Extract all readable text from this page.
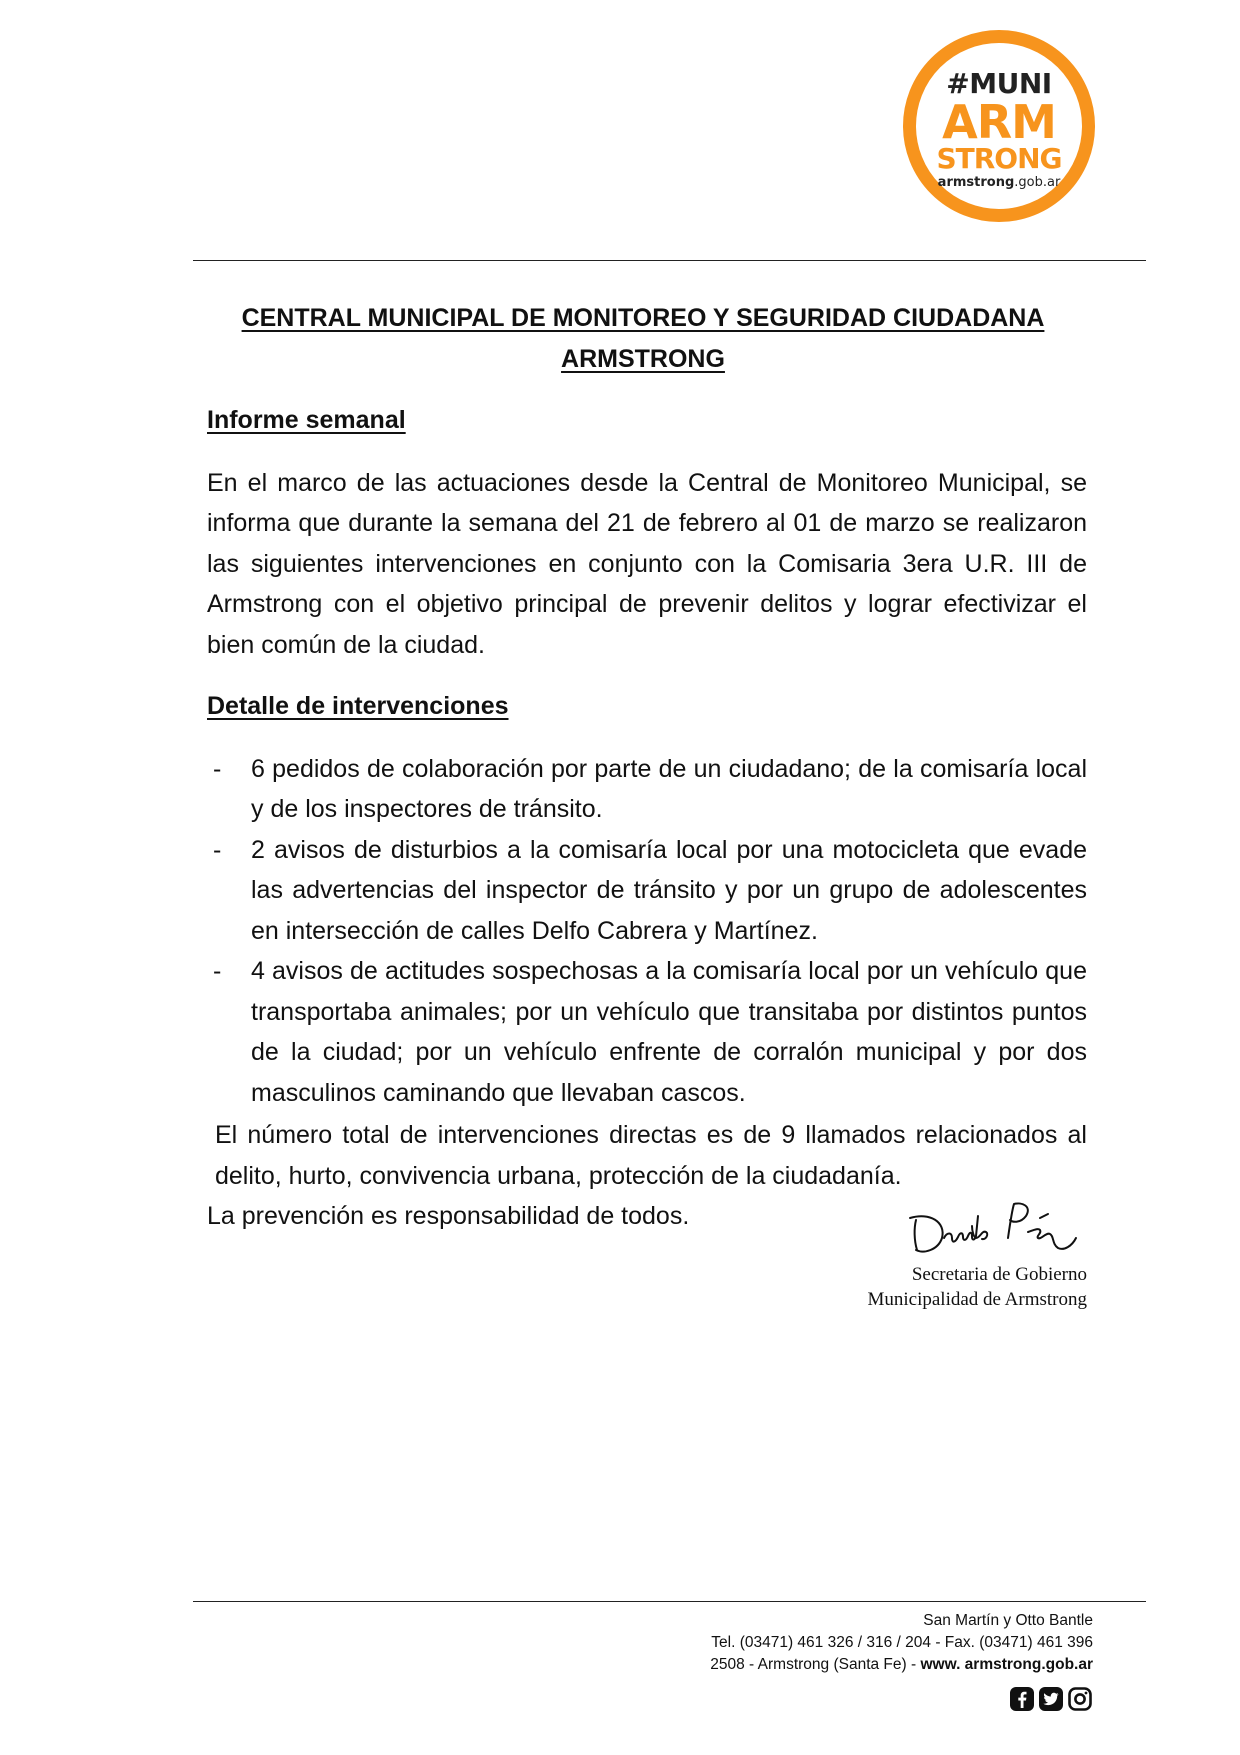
#MUNI
ARM
STRONG
armstrong.gob.ar
CENTRAL MUNICIPAL DE MONITOREO Y SEGURIDAD CIUDADANA
ARMSTRONG

Informe semanal

En el marco de las actuaciones desde la Central de Monitoreo Municipal, se informa que durante la semana del 21 de febrero al 01 de marzo se realizaron las siguientes intervenciones en conjunto con la Comisaria 3era U.R. III de Armstrong con el objetivo principal de prevenir delitos y lograr efectivizar el bien común de la ciudad.

Detalle de intervenciones

- 6 pedidos de colaboración por parte de un ciudadano; de la comisaría local y de los inspectores de tránsito.
- 2 avisos de disturbios a la comisaría local por una motocicleta que evade las advertencias del inspector de tránsito y por un grupo de adolescentes en intersección de calles Delfo Cabrera y Martínez.
- 4 avisos de actitudes sospechosas a la comisaría local por un vehículo que transportaba animales; por un vehículo que transitaba por distintos puntos de la ciudad; por un vehículo enfrente de corralón municipal y por dos masculinos caminando que llevaban cascos.

El número total de intervenciones directas es de 9 llamados relacionados al delito, hurto, convivencia urbana, protección de la ciudadanía.

La prevención es responsabilidad de todos.

Secretaria de Gobierno
Municipalidad de Armstrong
San Martín y Otto Bantle
Tel. (03471) 461 326 / 316 / 204 - Fax. (03471) 461 396
2508 - Armstrong (Santa Fe) - www. armstrong.gob.ar
